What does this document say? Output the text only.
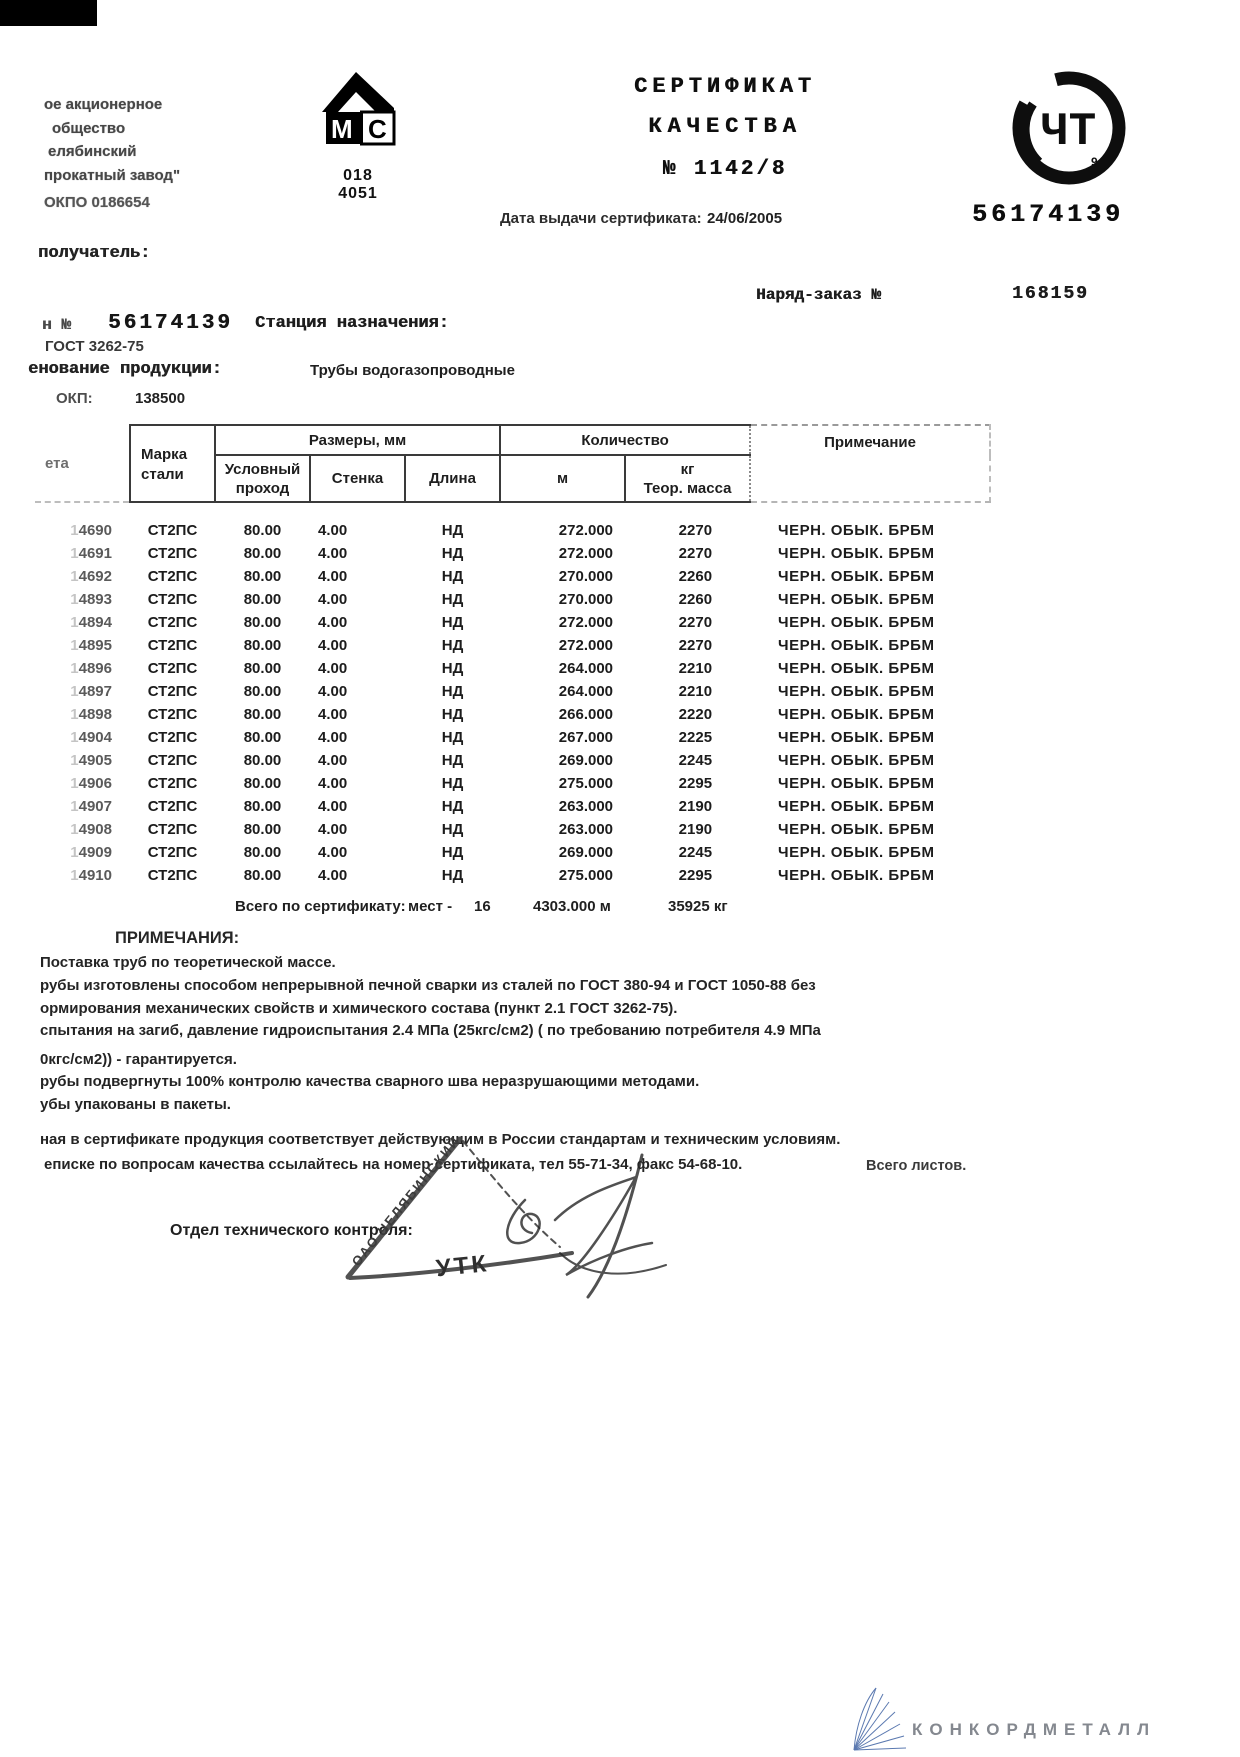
ое акционерное
общество
елябинский
прокатный завод"
ОКПО 0186654
М С
018
4051
СЕРТИФИКАТ
КАЧЕСТВА
№ 1142/8
Дата выдачи сертификата: 24/06/2005
ЧТ
9
56174139
получатель:
Наряд-заказ №	168159
н № 56174139 Станция назначения:
ГОСТ 3262-75
енование продукции:	Трубы водогазопроводные
ОКП:	138500
ета	Марка стали	Размеры, мм			Количество		Примечание
		Условный проход	Стенка	Длина	м	кг
Теор. масса	

14690	СТ2ПС	80.00	4.00	НД	272.000	2270	ЧЕРН. ОБЫК. БРБМ
14691	СТ2ПС	80.00	4.00	НД	272.000	2270	ЧЕРН. ОБЫК. БРБМ
14692	СТ2ПС	80.00	4.00	НД	270.000	2260	ЧЕРН. ОБЫК. БРБМ
14893	СТ2ПС	80.00	4.00	НД	270.000	2260	ЧЕРН. ОБЫК. БРБМ
14894	СТ2ПС	80.00	4.00	НД	272.000	2270	ЧЕРН. ОБЫК. БРБМ
14895	СТ2ПС	80.00	4.00	НД	272.000	2270	ЧЕРН. ОБЫК. БРБМ
14896	СТ2ПС	80.00	4.00	НД	264.000	2210	ЧЕРН. ОБЫК. БРБМ
14897	СТ2ПС	80.00	4.00	НД	264.000	2210	ЧЕРН. ОБЫК. БРБМ
14898	СТ2ПС	80.00	4.00	НД	266.000	2220	ЧЕРН. ОБЫК. БРБМ
14904	СТ2ПС	80.00	4.00	НД	267.000	2225	ЧЕРН. ОБЫК. БРБМ
14905	СТ2ПС	80.00	4.00	НД	269.000	2245	ЧЕРН. ОБЫК. БРБМ
14906	СТ2ПС	80.00	4.00	НД	275.000	2295	ЧЕРН. ОБЫК. БРБМ
14907	СТ2ПС	80.00	4.00	НД	263.000	2190	ЧЕРН. ОБЫК. БРБМ
14908	СТ2ПС	80.00	4.00	НД	263.000	2190	ЧЕРН. ОБЫК. БРБМ
14909	СТ2ПС	80.00	4.00	НД	269.000	2245	ЧЕРН. ОБЫК. БРБМ
14910	СТ2ПС	80.00	4.00	НД	275.000	2295	ЧЕРН. ОБЫК. БРБМ
Всего по сертификату: мест - 16	4303.000 м	35925 кг
ПРИМЕЧАНИЯ:
Поставка труб по теоретической массе.
рубы изготовлены способом непрерывной печной сварки из сталей по ГОСТ 380-94 и ГОСТ 1050-88 без
ормирования механических свойств и химического состава (пункт 2.1 ГОСТ 3262-75).
спытания на загиб, давление гидроиспытания 2.4 МПа (25кгс/см2) ( по требованию потребителя 4.9 МПа
0кгс/см2)) - гарантируется.
рубы подвергнуты 100% контролю качества сварного шва неразрушающими методами.
убы упакованы в пакеты.
ная в сертификате продукция соответствует действующим в России стандартам и техническим условиям.
еписке по вопросам качества ссылайтесь на номер сертификата, тел 55-71-34, факс 54-68-10.	Всего листов.
Отдел технического контроля:
ОАО ЧЕЛЯБИНСКИЙ
УТК
КОНКОРДМЕТАЛЛ
